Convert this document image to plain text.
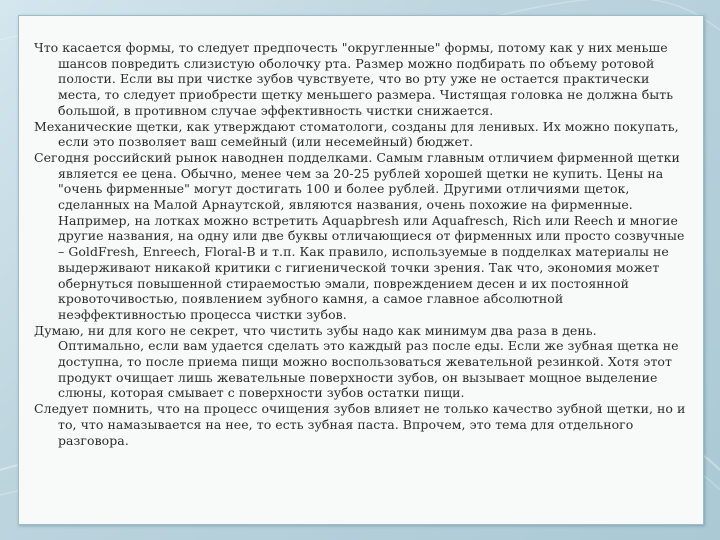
Что касается формы, то следует предпочесть "округленные" формы, потому как у них меньше шансов повредить слизистую оболочку рта. Размер можно подбирать по объему ротовой полости. Если вы при чистке зубов чувствуете, что во рту уже не остается практически места, то следует приобрести щетку меньшего размера. Чистящая головка не должна быть большой, в противном случае эффективность чистки снижается.

Механические щетки, как утверждают стоматологи, созданы для ленивых. Их можно покупать, если это позволяет ваш семейный (или несемейный) бюджет.

Сегодня российский рынок наводнен подделками. Самым главным отличием фирменной щетки является ее цена. Обычно, менее чем за 20-25 рублей хорошей щетки не купить. Цены на "очень фирменные" могут достигать 100 и более рублей. Другими отличиями щеток, сделанных на Малой Арнаутской, являются названия, очень похожие на фирменные. Например, на лотках можно встретить Aquapbresh или Aquafresch, Rich или Reech и многие другие названия, на одну или две буквы отличающиеся от фирменных или просто созвучные – GoldFresh, Enreech, Floral-B и т.п. Как правило, используемые в подделках материалы не выдерживают никакой критики с гигиенической точки зрения. Так что, экономия может обернуться повышенной стираемостью эмали, повреждением десен и их постоянной кровоточивостью, появлением зубного камня, а самое главное абсолютной неэффективностью процесса чистки зубов.

Думаю, ни для кого не секрет, что чистить зубы надо как минимум два раза в день. Оптимально, если вам удается сделать это каждый раз после еды. Если же зубная щетка не доступна, то после приема пищи можно воспользоваться жевательной резинкой. Хотя этот продукт очищает лишь жевательные поверхности зубов, он вызывает мощное выделение слюны, которая смывает с поверхности зубов остатки пищи.

Следует помнить, что на процесс очищения зубов влияет не только качество зубной щетки, но и то, что намазывается на нее, то есть зубная паста. Впрочем, это тема для отдельного разговора.
